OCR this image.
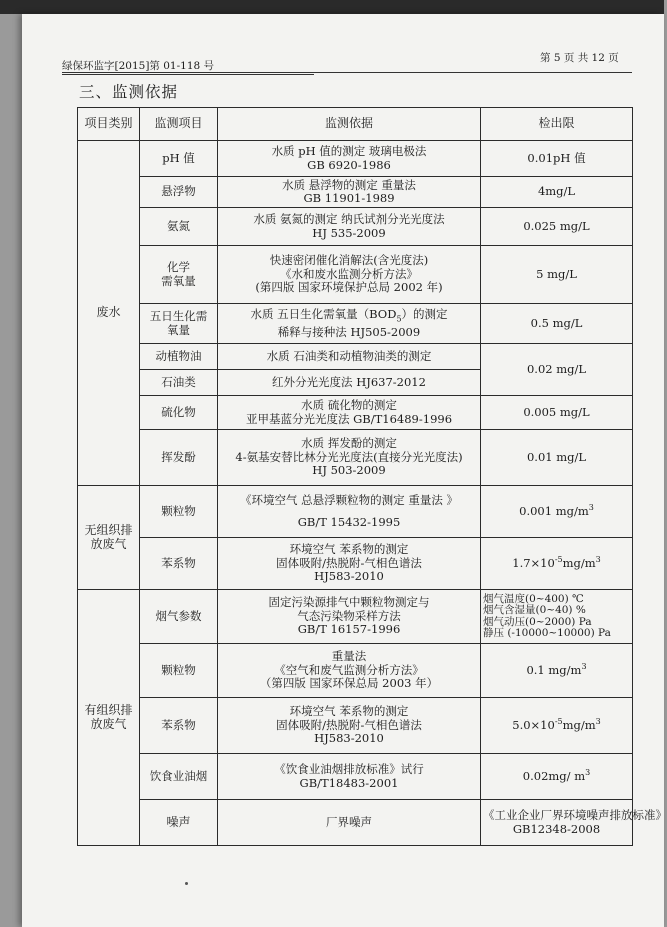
绿保环监字[2015]第 01-118 号
第 5 页 共 12 页
三、监测依据
项目类别	监测项目	监测依据	检出限	
废水	pH 值	水质 pH 值的测定 玻璃电极法
GB 6920-1986	0.01pH 值	

	悬浮物	水质 悬浮物的测定 重量法
GB 11901-1989	4mg/L	

	氨氮	水质 氨氮的测定 纳氏试剂分光光度法
HJ 535-2009	0.025 mg/L	

	化学
需氧量	快速密闭催化消解法(含光度法)
《水和废水监测分析方法》
(第四版 国家环境保护总局 2002 年)	5 mg/L	

	五日生化需
氧量	水质 五日生化需氧量$(BOD_5)$的测定
稀释与接种法 HJ505-2009	0.5 mg/L	

	动植物油	水质 石油类和动植物油类的测定	0.02 mg/L	

	石油类	红外分光光度法 HJ637-2012		

	硫化物	水质 硫化物的测定
亚甲基蓝分光光度法 GB/T16489-1996	0.005 mg/L	

	挥发酚	水质 挥发酚的测定
4-氨基安替比林分光光度法(直接分光光度法)
HJ 503-2009	0.01 mg/L	

无组织排
放废气	颗粒物	《环境空气 总悬浮颗粒物的测定 重量法 》
GB/T 15432-1995	0.001 $mg/m^3$

	苯系物	环境空气 苯系物的测定
固体吸附/热脱附-气相色谱法
HJ583-2010	$1.7\times 10^{-5}mg/m^3$

有组织排
放废气	烟气参数	固定污染源排气中颗粒物测定与
气态污染物采样方法
GB/T 16157-1996	烟气温度(0~400) ℃
烟气含湿量(0~40) %
烟气动压(0~2000) Pa
静压 (-10000~10000) Pa	

	颗粒物	重量法
《空气和废气监测分析方法》
（第四版 国家环保总局 2003 年）	0.1 $mg/m^3$

	苯系物	环境空气 苯系物的测定
固体吸附/热脱附-气相色谱法
HJ583-2010	$5.0\times 10^{-5}mg/m^3$

	饮食业油烟	《饮食业油烟排放标准》试行
GB/T18483-2001	0.02mg/ $m^3$

	噪声	厂界噪声	《工业企业厂界环境噪声排放标准》
GB12348-2008
